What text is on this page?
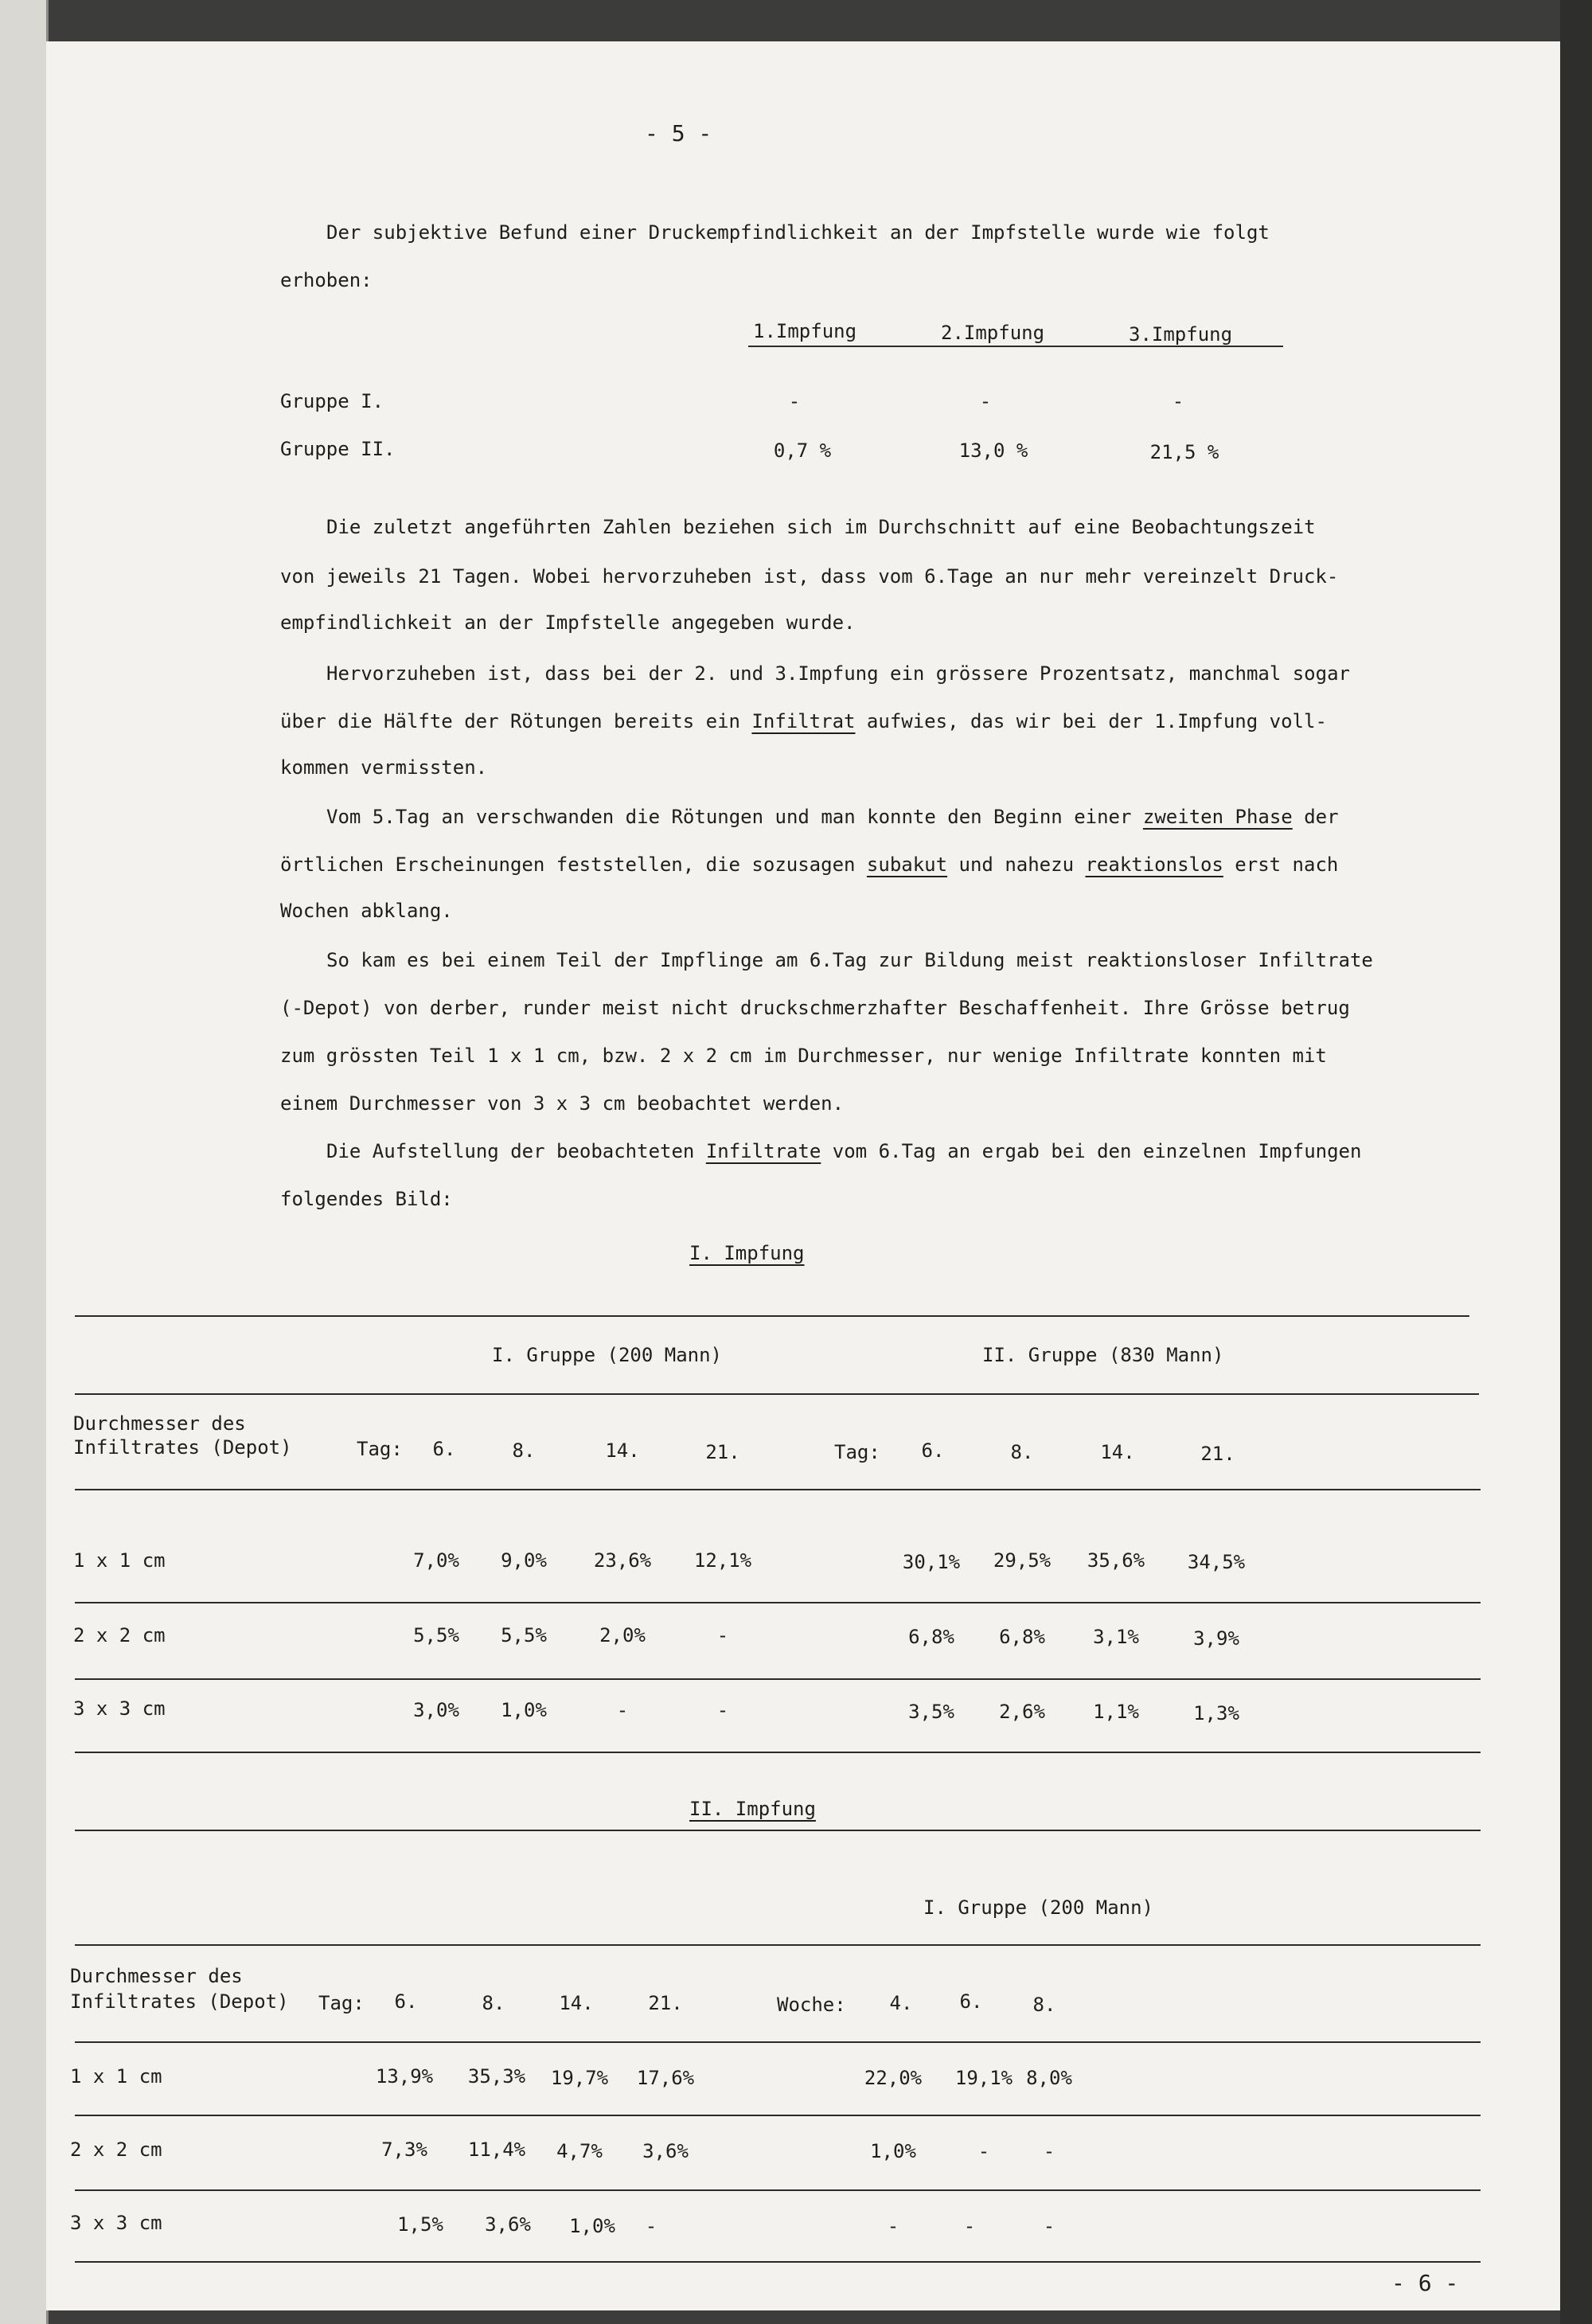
- 5 -
Der subjektive Befund einer Druckempfindlichkeit an der Impfstelle wurde wie folgt
erhoben:
1.Impfung	2.Impfung	3.Impfung
Gruppe I.	-	-	-
Gruppe II.	0,7 %	13,0 %	21,5 %
Die zuletzt angeführten Zahlen beziehen sich im Durchschnitt auf eine Beobachtungszeit
von jeweils 21 Tagen. Wobei hervorzuheben ist, dass vom 6.Tage an nur mehr vereinzelt Druck-
empfindlichkeit an der Impfstelle angegeben wurde.
Hervorzuheben ist, dass bei der 2. und 3.Impfung ein grössere Prozentsatz, manchmal sogar
über die Hälfte der Rötungen bereits ein Infiltrat aufwies, das wir bei der 1.Impfung voll-
kommen vermissten.
Vom 5.Tag an verschwanden die Rötungen und man konnte den Beginn einer zweiten Phase der
örtlichen Erscheinungen feststellen, die sozusagen subakut und nahezu reaktionslos erst nach
Wochen abklang.
So kam es bei einem Teil der Impflinge am 6.Tag zur Bildung meist reaktionsloser Infiltrate
(-Depot) von derber, runder meist nicht druckschmerzhafter Beschaffenheit. Ihre Grösse betrug
zum grössten Teil 1 x 1 cm, bzw. 2 x 2 cm im Durchmesser, nur wenige Infiltrate konnten mit
einem Durchmesser von 3 x 3 cm beobachtet werden.
Die Aufstellung der beobachteten Infiltrate vom 6.Tag an ergab bei den einzelnen Impfungen
folgendes Bild:
I. Impfung
I. Gruppe (200 Mann)	II. Gruppe (830 Mann)
Durchmesser des
Infiltrates (Depot)	Tag:	6.	8.	14.	21.	Tag:	6.	8.	14.	21.
1 x 1 cm	7,0%	9,0%	23,6%	12,1%	30,1%	29,5%	35,6%	34,5%
2 x 2 cm	5,5%	5,5%	2,0%	-	6,8%	6,8%	3,1%	3,9%
3 x 3 cm	3,0%	1,0%	-	-	3,5%	2,6%	1,1%	1,3%
II. Impfung
I. Gruppe (200 Mann)
Durchmesser des
Infiltrates (Depot) Tag:	6.	8.	14.	21.	Woche:	4.	6.	8.
1 x 1 cm	13,9%	35,3%	19,7%	17,6%	22,0%	19,1% 8,0%
2 x 2 cm	7,3%	11,4%	4,7%	3,6%	1,0%	-	-
3 x 3 cm	1,5%	3,6%	1,0%	-	-	-	-
- 6 -
